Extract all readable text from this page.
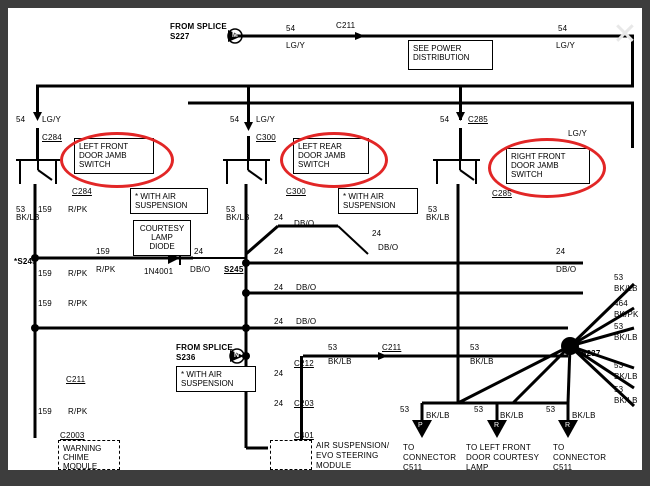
FROM SPLICE
S227	M
54	C211
LG/Y
54
LG/Y
SEE POWER
DISTRIBUTION
54 LG/Y
C284
LEFT FRONT
DOOR JAMB
SWITCH
C284
53
BK/LB
54 LG/Y
C300
LEFT REAR
DOOR JAMB
SWITCH
C300
53
BK/LB
54 C285
LG/Y
RIGHT FRONT
DOOR JAMB
SWITCH
C285
53
BK/LB
* WITH AIR
SUSPENSION
* WITH AIR
SUSPENSION
* WITH AIR
SUSPENSION
COURTESY
LAMP
DIODE
1N4001
159
R/PK
24
DB/O
*S245
S245
S237
FROM SPLICE
S236	N
159 R/PK
159 R/PK
159 R/PK
159 R/PK
C211
C2003
WARNING
CHIME
MODULE
24
DB/O
24
DB/O
24
24 DB/O
24 DB/O
24
24
C212
C203
C401
53
BK/LB
C211	53
BK/LB
AIR SUSPENSION/
EVO STEERING
MODULE
24
DB/O
53
BK/LB
464
BK/PK
53
BK/LB
53
BK/LB
53
BK/LB
53
BK/LB
P
TO
CONNECTOR
C511
53
BK/LB
R
TO LEFT FRONT
DOOR COURTESY
LAMP
53
BK/LB
R
TO
CONNECTOR
C511
✕
